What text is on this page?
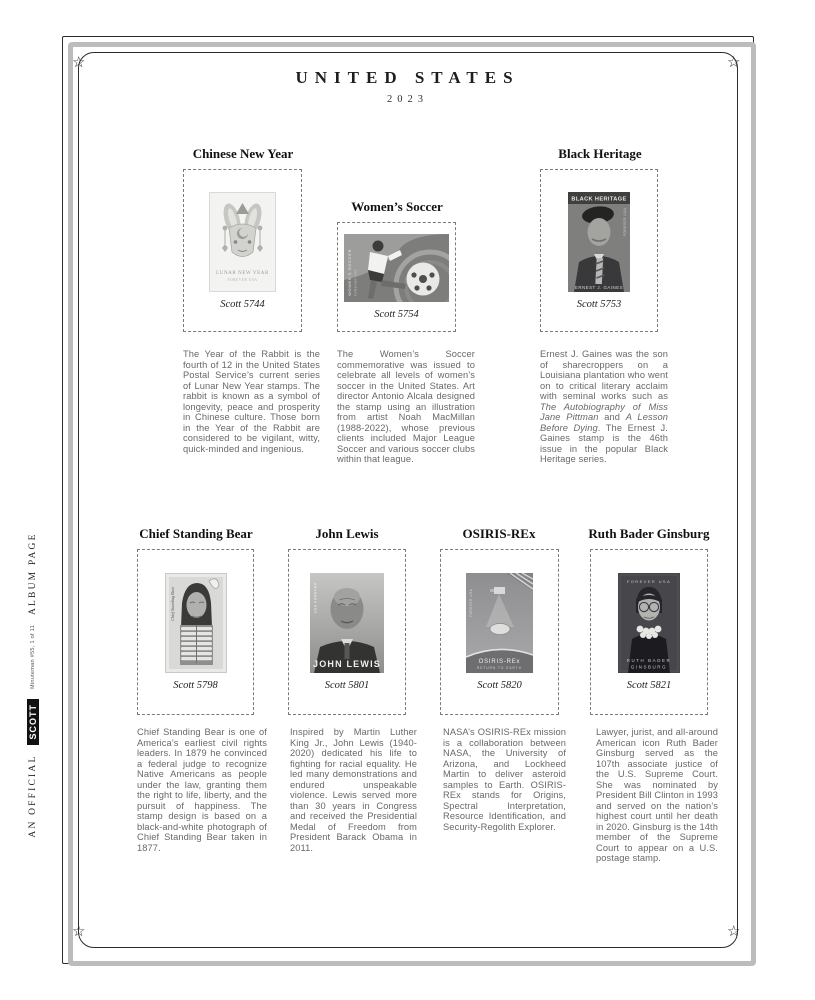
☆	☆
☆	☆
AN OFFICIAL
SCOTT
Minuteman #55, 1 of 11
ALBUM PAGE
UNITED STATES
2023
Chinese New Year
LUNAR NEW YEAR
FOREVER USA
Scott 5744

The Year of the Rabbit is the fourth of 12 in the United States Postal Service’s current series of Lunar New Year stamps. The rabbit is known as a symbol of longevity, peace and prosperity in Chinese culture. Those born in the Year of the Rabbit are considered to be vigilant, witty, quick-minded and ingenious.

Women’s Soccer
WOMEN'S SOCCER FOREVER USA
Scott 5754

The Women’s Soccer commemorative was issued to celebrate all levels of women’s soccer in the United States. Art director Antonio Alcala designed the stamp using an illustration from artist Noah MacMillan (1988-2022), whose previous clients included Major League Soccer and various soccer clubs within that league.

Black Heritage
BLACK HERITAGE
ERNEST J. GAINES
FOREVER USA
Scott 5753

Ernest J. Gaines was the son of sharecroppers on a Louisiana plantation who went on to critical literary acclaim with seminal works such as The Autobiography of Miss Jane Pittman and A Lesson Before Dying. The Ernest J. Gaines stamp is the 46th issue in the popular Black Heritage series.

Chief Standing Bear
Chief Standing Bear
Scott 5798

Chief Standing Bear is one of America’s earliest civil rights leaders. In 1879 he convinced a federal judge to recognize Native Americans as people under the law, granting them the right to life, liberty, and the pursuit of happiness. The stamp design is based on a black-and-white photograph of Chief Standing Bear taken in 1877.

John Lewis
JOHN LEWIS
USA FOREVER
Scott 5801

Inspired by Martin Luther King Jr., John Lewis (1940-2020) dedicated his life to fighting for racial equality. He led many demonstrations and endured unspeakable violence. Lewis served more than 30 years in Congress and received the Presidential Medal of Freedom from President Barack Obama in 2011.

OSIRIS-REx
OSIRIS-REx
RETURN TO EARTH
FOREVER USA
Scott 5820

NASA’s OSIRIS-REx mission is a collaboration between NASA, the University of Arizona, and Lockheed Martin to deliver asteroid samples to Earth. OSIRIS-REx stands for Origins, Spectral Interpretation, Resource Identification, and Security-Regolith Explorer.

Ruth Bader Ginsburg
FOREVER USA
RUTH BADER
GINSBURG
Scott 5821

Lawyer, jurist, and all-around American icon Ruth Bader Ginsburg served as the 107th associate justice of the U.S. Supreme Court. She was nominated by President Bill Clinton in 1993 and served on the nation’s highest court until her death in 2020. Ginsburg is the 14th member of the Supreme Court to appear on a U.S. postage stamp.
